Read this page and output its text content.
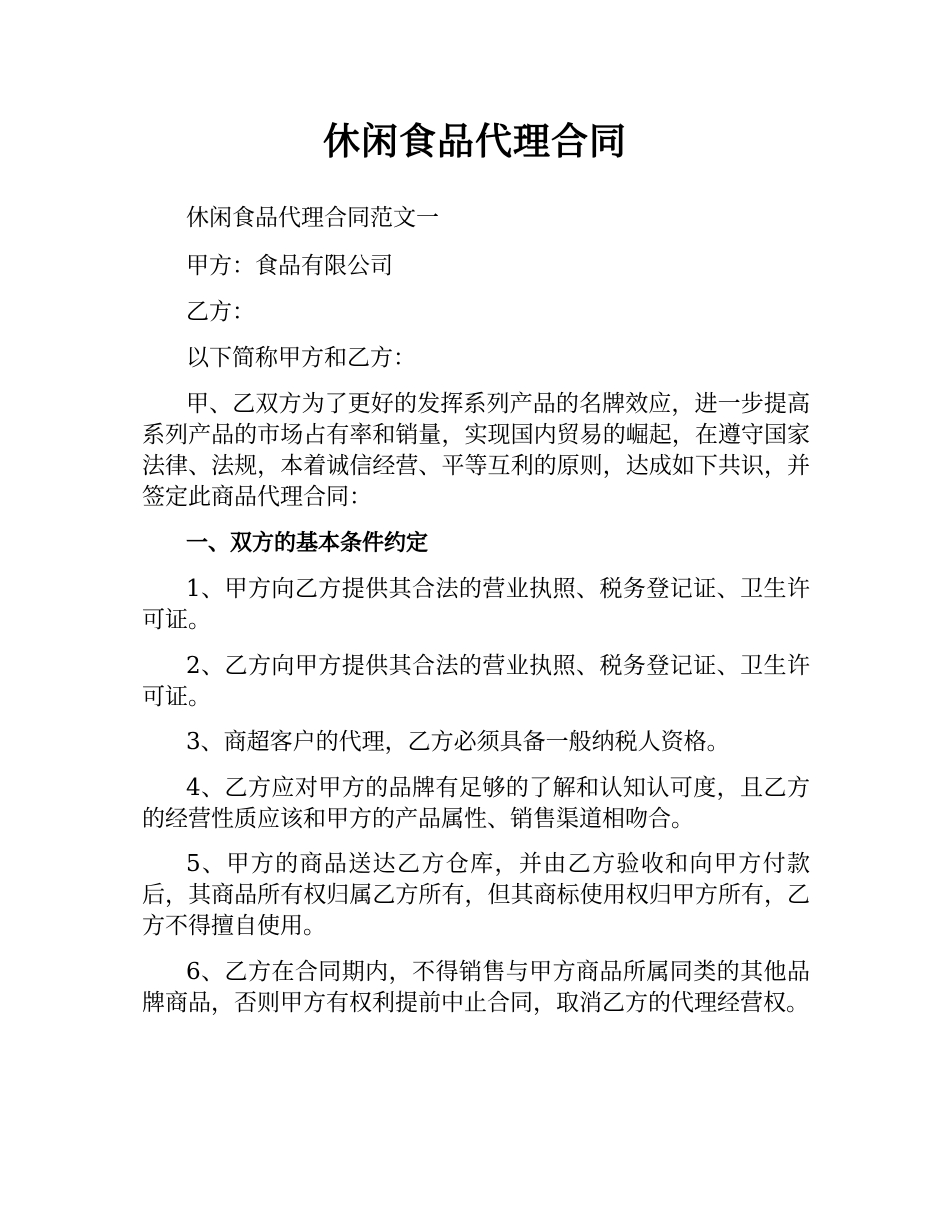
休闲食品代理合同

休闲食品代理合同范文一

甲方：食品有限公司

乙方：

以下简称甲方和乙方：

甲、乙双方为了更好的发挥系列产品的名牌效应，进一步提高系列产品的市场占有率和销量，实现国内贸易的崛起，在遵守国家法律、法规，本着诚信经营、平等互利的原则，达成如下共识，并签定此商品代理合同：

一、双方的基本条件约定

1、甲方向乙方提供其合法的营业执照、税务登记证、卫生许可证。

2、乙方向甲方提供其合法的营业执照、税务登记证、卫生许可证。

3、商超客户的代理，乙方必须具备一般纳税人资格。

4、乙方应对甲方的品牌有足够的了解和认知认可度，且乙方的经营性质应该和甲方的产品属性、销售渠道相吻合。

5、甲方的商品送达乙方仓库，并由乙方验收和向甲方付款后，其商品所有权归属乙方所有，但其商标使用权归甲方所有，乙方不得擅自使用。

6、乙方在合同期内，不得销售与甲方商品所属同类的其他品牌商品，否则甲方有权利提前中止合同，取消乙方的代理经营权。
